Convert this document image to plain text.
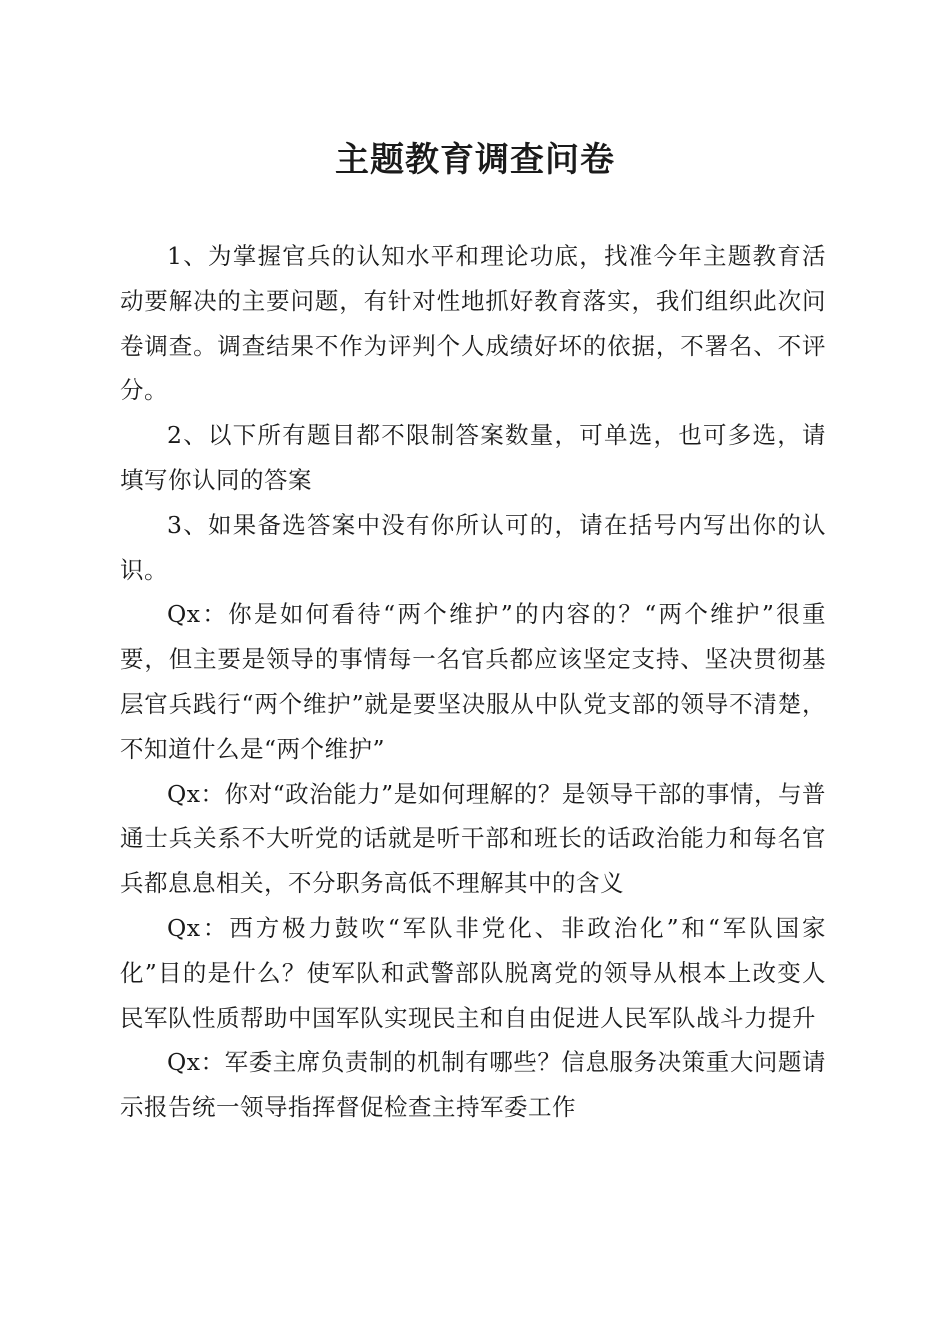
主题教育调查问卷

1、为掌握官兵的认知水平和理论功底，找准今年主题教育活动要解决的主要问题，有针对性地抓好教育落实，我们组织此次问卷调查。调查结果不作为评判个人成绩好坏的依据，不署名、不评分。

2、以下所有题目都不限制答案数量，可单选，也可多选，请填写你认同的答案

3、如果备选答案中没有你所认可的，请在括号内写出你的认识。

Qx：你是如何看待“两个维护”的内容的？“两个维护”很重要，但主要是领导的事情每一名官兵都应该坚定支持、坚决贯彻基层官兵践行“两个维护”就是要坚决服从中队党支部的领导不清楚，不知道什么是“两个维护”

Qx：你对“政治能力”是如何理解的？是领导干部的事情，与普通士兵关系不大听党的话就是听干部和班长的话政治能力和每名官兵都息息相关，不分职务高低不理解其中的含义

Qx：西方极力鼓吹“军队非党化、非政治化”和“军队国家化”目的是什么？使军队和武警部队脱离党的领导从根本上改变人民军队性质帮助中国军队实现民主和自由促进人民军队战斗力提升

Qx：军委主席负责制的机制有哪些？信息服务决策重大问题请示报告统一领导指挥督促检查主持军委工作
